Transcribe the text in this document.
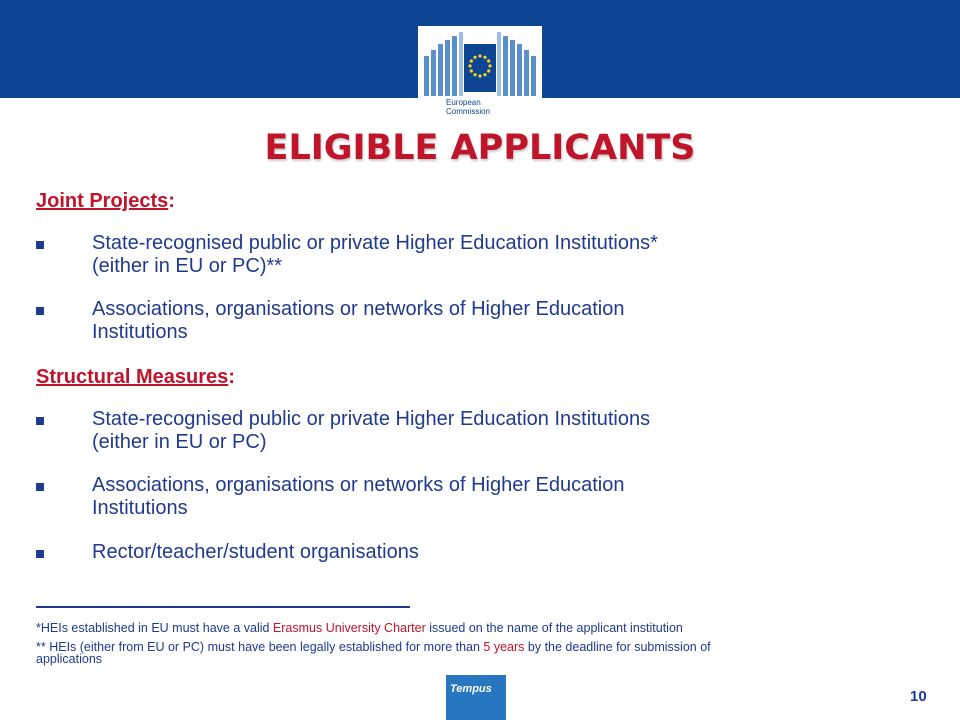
European
Commission
ELIGIBLE APPLICANTS
Joint Projects:
State-recognised public or private Higher Education Institutions*
(either in EU or PC)**
Associations, organisations or networks of Higher Education
Institutions
Structural Measures:
State-recognised public or private Higher Education Institutions
(either in EU or PC)
Associations, organisations or networks of Higher Education
Institutions
Rector/teacher/student organisations
*HEIs established in EU must have a valid Erasmus University Charter issued on the name of the applicant institution
** HEIs (either from EU or PC) must have been legally established for more than 5 years by the deadline for submission of
applications
Tempus	10
